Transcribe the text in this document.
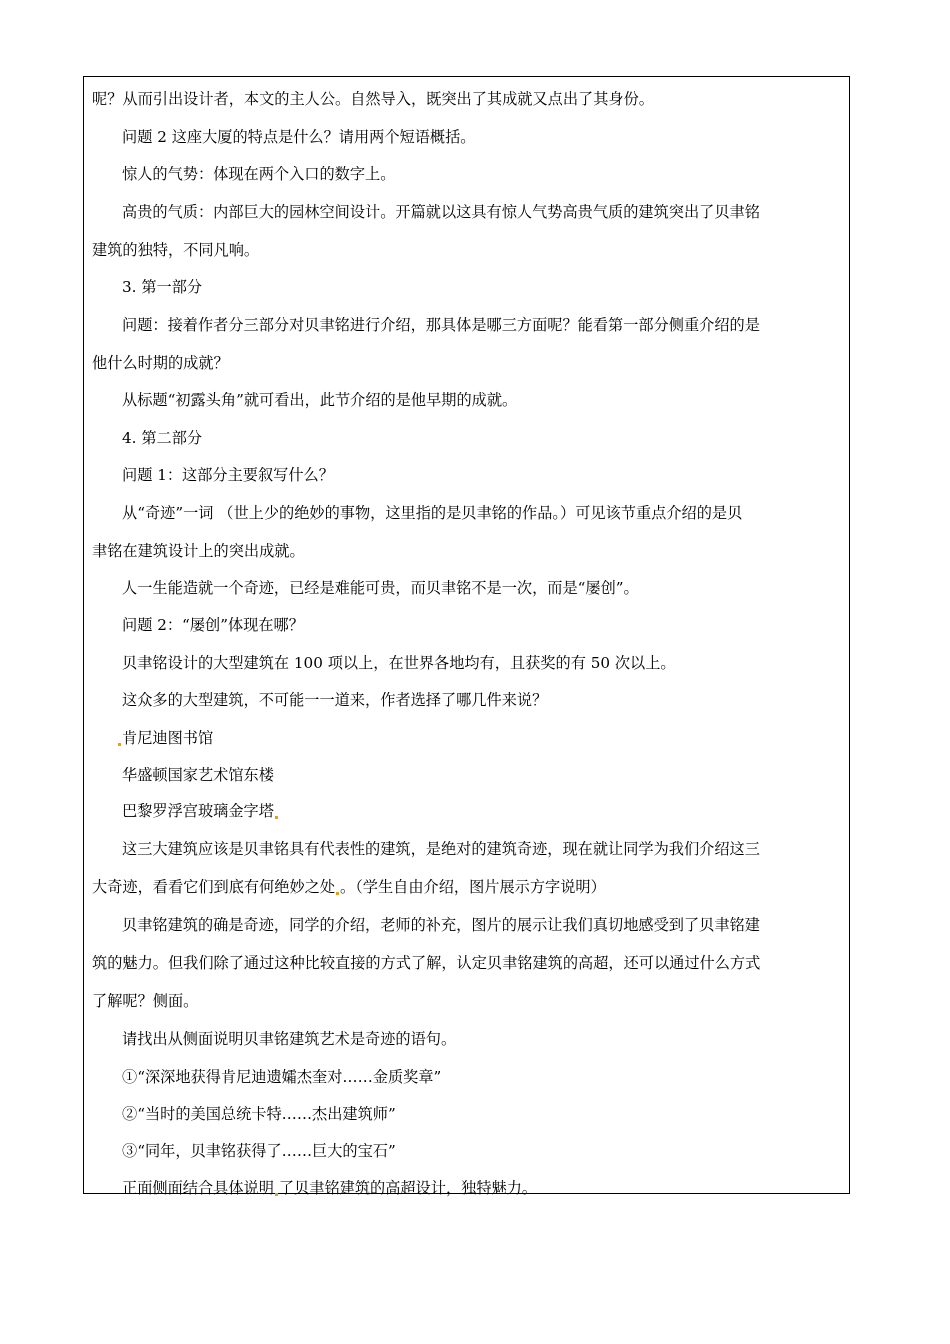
呢？从而引出设计者，本文的主人公。自然导入，既突出了其成就又点出了其身份。
问题 2 这座大厦的特点是什么？请用两个短语概括。
惊人的气势：体现在两个入口的数字上。
高贵的气质：内部巨大的园林空间设计。开篇就以这具有惊人气势高贵气质的建筑突出了贝聿铭
建筑的独特，不同凡响。
3. 第一部分
问题：接着作者分三部分对贝聿铭进行介绍，那具体是哪三方面呢？能看第一部分侧重介绍的是
他什么时期的成就？
从标题“初露头角”就可看出，此节介绍的是他早期的成就。
4. 第二部分
问题 1：这部分主要叙写什么？
从“奇迹”一词 （世上少的绝妙的事物，这里指的是贝聿铭的作品。）可见该节重点介绍的是贝
聿铭在建筑设计上的突出成就。
人一生能造就一个奇迹，已经是难能可贵，而贝聿铭不是一次，而是“屡创”。
问题 2：“屡创”体现在哪？
贝聿铭设计的大型建筑在 100 项以上，在世界各地均有，且获奖的有 50 次以上。
这众多的大型建筑，不可能一一道来，作者选择了哪几件来说？
肯尼迪图书馆
华盛顿国家艺术馆东楼
巴黎罗浮宫玻璃金字塔
这三大建筑应该是贝聿铭具有代表性的建筑，是绝对的建筑奇迹，现在就让同学为我们介绍这三
大奇迹，看看它们到底有何绝妙之处 。（学生自由介绍，图片展示方字说明）
贝聿铭建筑的确是奇迹，同学的介绍，老师的补充，图片的展示让我们真切地感受到了贝聿铭建
筑的魅力。但我们除了通过这种比较直接的方式了解，认定贝聿铭建筑的高超，还可以通过什么方式
了解呢？侧面。
请找出从侧面说明贝聿铭建筑艺术是奇迹的语句。
①“深深地获得肯尼迪遗孀杰奎对……金质奖章”
②“当时的美国总统卡特……杰出建筑师”
③“同年，贝聿铭获得了……巨大的宝石”
正面侧面结合具体说明 了贝聿铭建筑的高超设计，独特魅力。
